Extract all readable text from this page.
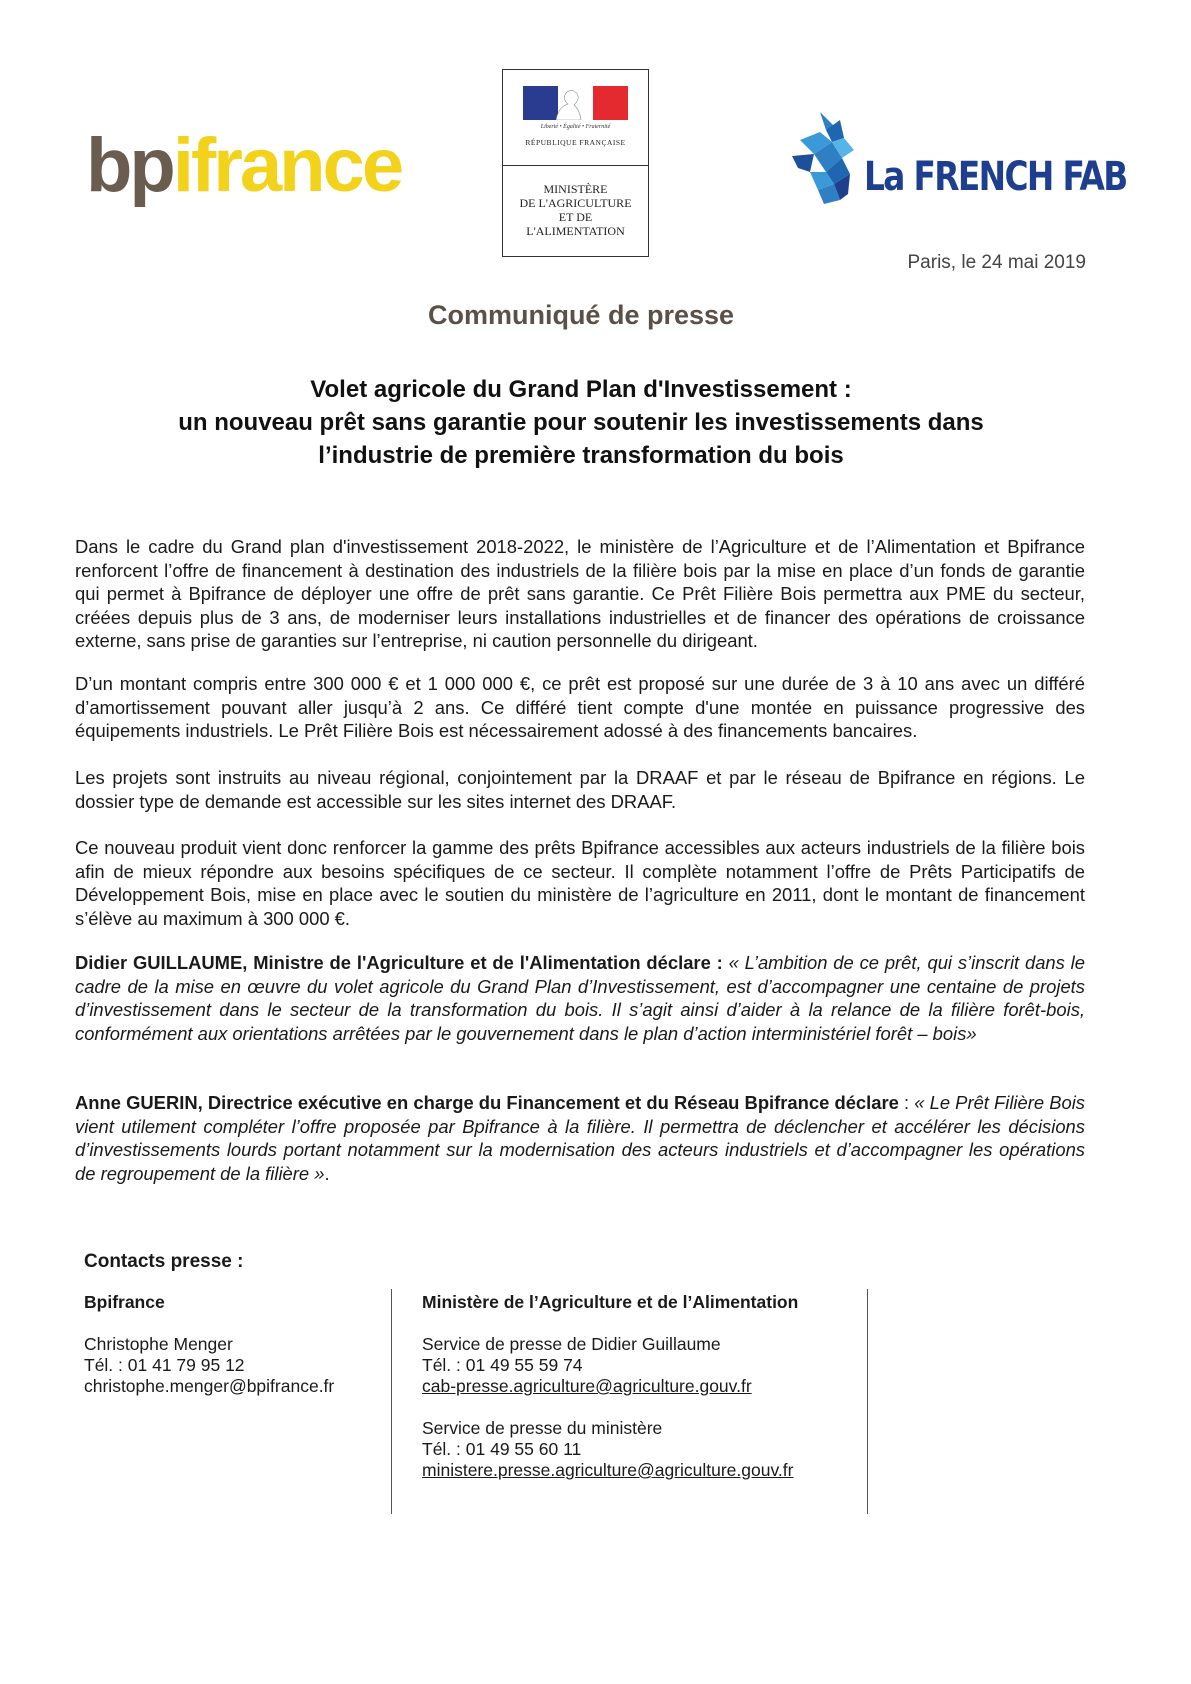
bpifrance	Liberté • Égalité • Fraternité
RÉPUBLIQUE FRANÇAISE
MINISTÈRE
DE L'AGRICULTURE
ET DE
L'ALIMENTATION
La FRENCH FAB
Paris, le 24 mai 2019
Communiqué de presse
Volet agricole du Grand Plan d'Investissement :
un nouveau prêt sans garantie pour soutenir les investissements dans
l’industrie de première transformation du bois

Dans le cadre du Grand plan d'investissement 2018-2022, le ministère de l’Agriculture et de l’Alimentation et Bpifrance renforcent l’offre de financement à destination des industriels de la filière bois par la mise en place d’un fonds de garantie qui permet à Bpifrance de déployer une offre de prêt sans garantie. Ce Prêt Filière Bois permettra aux PME du secteur, créées depuis plus de 3 ans, de moderniser leurs installations industrielles et de financer des opérations de croissance externe, sans prise de garanties sur l’entreprise, ni caution personnelle du dirigeant.

D’un montant compris entre 300 000 € et 1 000 000 €, ce prêt est proposé sur une durée de 3 à 10 ans avec un différé d’amortissement pouvant aller jusqu’à 2 ans. Ce différé tient compte d'une montée en puissance progressive des équipements industriels. Le Prêt Filière Bois est nécessairement adossé à des financements bancaires.

Les projets sont instruits au niveau régional, conjointement par la DRAAF et par le réseau de Bpifrance en régions. Le dossier type de demande est accessible sur les sites internet des DRAAF.

Ce nouveau produit vient donc renforcer la gamme des prêts Bpifrance accessibles aux acteurs industriels de la filière bois afin de mieux répondre aux besoins spécifiques de ce secteur. Il complète notamment l’offre de Prêts Participatifs de Développement Bois, mise en place avec le soutien du ministère de l’agriculture en 2011, dont le montant de financement s’élève au maximum à 300 000 €.

Didier GUILLAUME, Ministre de l'Agriculture et de l'Alimentation déclare : « L’ambition de ce prêt, qui s’inscrit dans le cadre de la mise en œuvre du volet agricole du Grand Plan d’Investissement, est d’accompagner une centaine de projets d’investissement dans le secteur de la transformation du bois. Il s’agit ainsi d’aider à la relance de la filière forêt-bois, conformément aux orientations arrêtées par le gouvernement dans le plan d’action interministériel forêt – bois»

Anne GUERIN, Directrice exécutive en charge du Financement et du Réseau Bpifrance déclare : « Le Prêt Filière Bois vient utilement compléter l’offre proposée par Bpifrance à la filière. Il permettra de déclencher et accélérer les décisions d’investissements lourds portant notamment sur la modernisation des acteurs industriels et d’accompagner les opérations de regroupement de la filière ».

Contacts presse :
Bpifrance
Christophe Menger
Tél. : 01 41 79 95 12
christophe.menger@bpifrance.fr
Ministère de l’Agriculture et de l’Alimentation
Service de presse de Didier Guillaume
Tél. : 01 49 55 59 74
cab-presse.agriculture@agriculture.gouv.fr
Service de presse du ministère
Tél. : 01 49 55 60 11
ministere.presse.agriculture@agriculture.gouv.fr
